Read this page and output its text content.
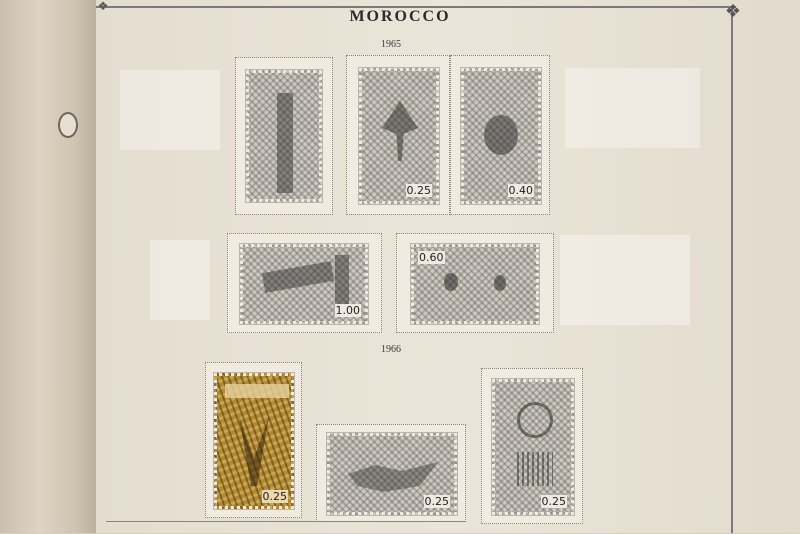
❖
❖
MOROCCO
1965
1966
0.25	0.40
1.00
0.60
0.25	0.25	0.25
